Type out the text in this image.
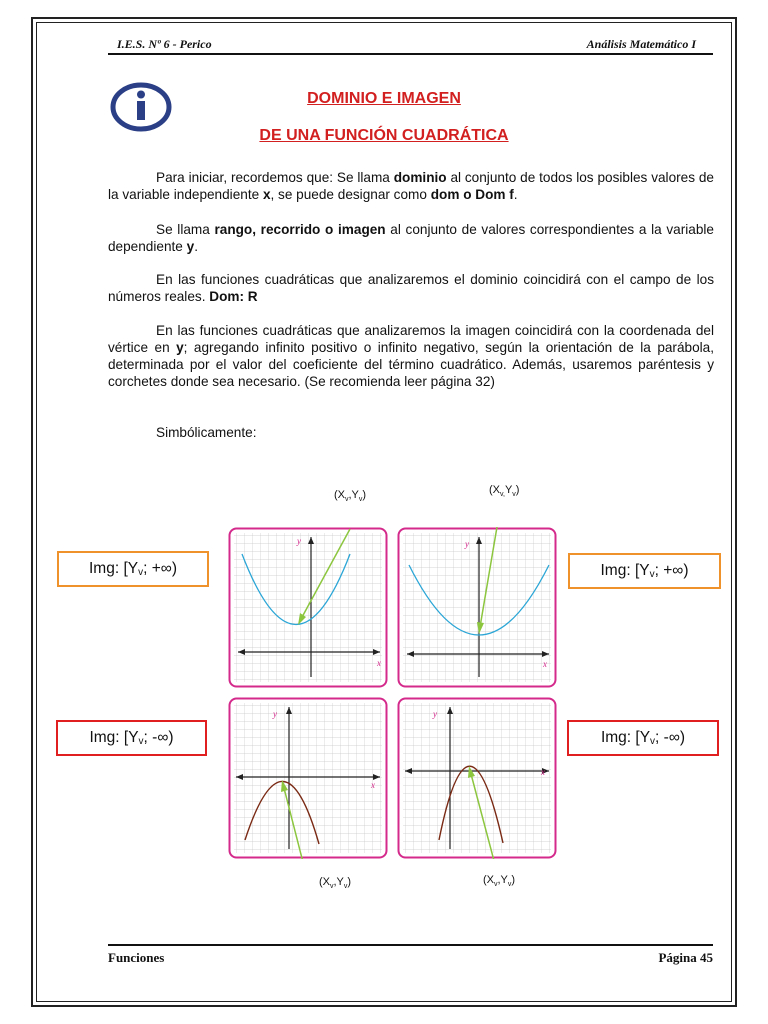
I.E.S. Nº 6 - Perico	Análisis Matemático I
DOMINIO E IMAGEN
DE UNA FUNCIÓN CUADRÁTICA
Para iniciar, recordemos que: Se llama dominio al conjunto de todos los posibles valores de la variable independiente x, se puede designar como dom o Dom f.
Se llama rango, recorrido o imagen al conjunto de valores correspondientes a la variable dependiente y.
En las funciones cuadráticas que analizaremos el dominio coincidirá con el campo de los números reales. Dom: R
En las funciones cuadráticas que analizaremos la imagen coincidirá con la coordenada del vértice en y; agregando infinito positivo o infinito negativo, según la orientación de la parábola, determinada por el valor del coeficiente del término cuadrático. Además, usaremos paréntesis y corchetes donde sea necesario. (Se recomienda leer página 32)
Simbólicamente:
$(X_v,Y_v)$	$(X_{v,}Y_v)$
$(X_v,Y_v)$	$(X_v,Y_v)$
Img: [Y v ; +∞)	Img: [Y v ; +∞)
Img: [Y v ; -∞)	Img: [Y v ; -∞)
x
y
x
y
x
y
x
y
Funciones	Página 45
